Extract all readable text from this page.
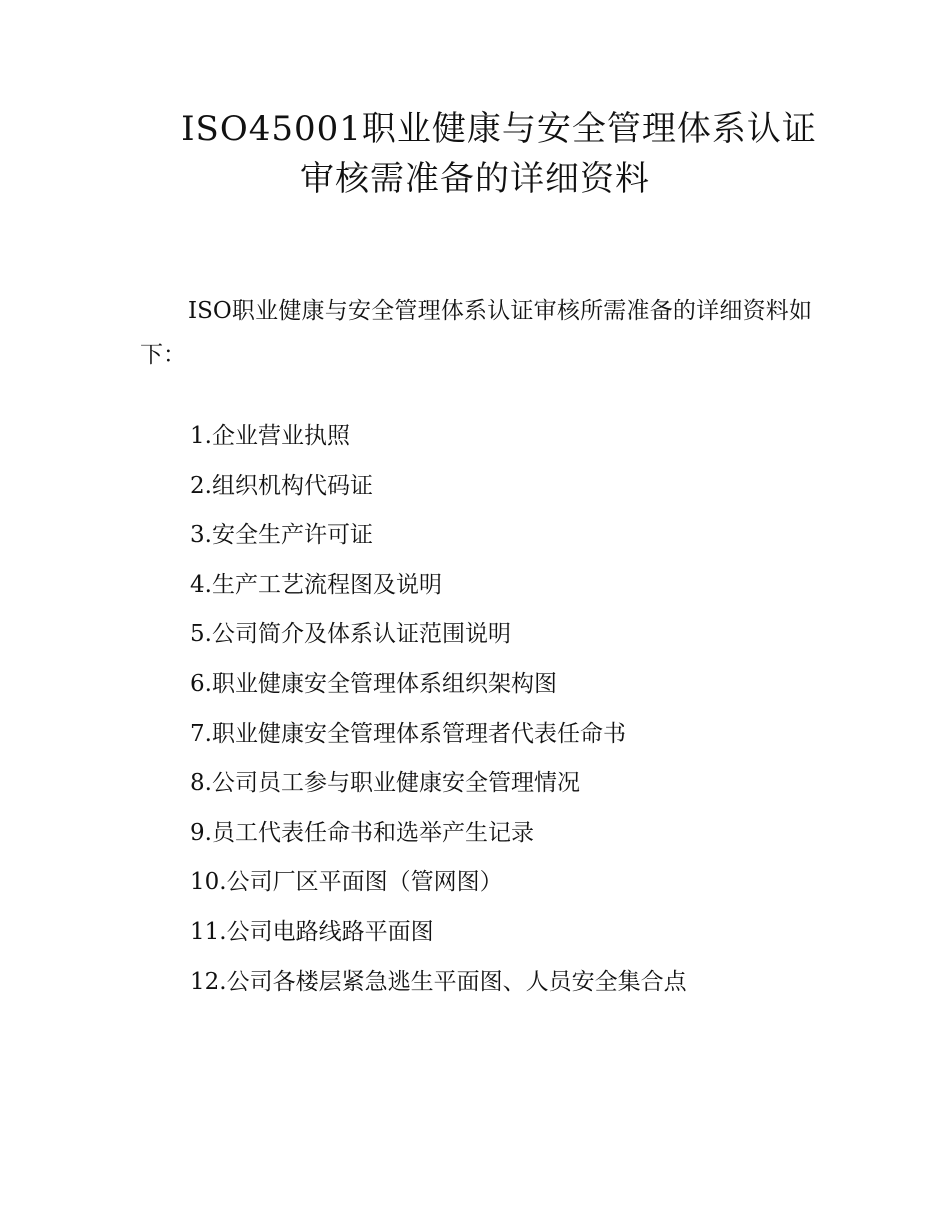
ISO45001职业健康与安全管理体系认证
审核需准备的详细资料

ISO职业健康与安全管理体系认证审核所需准备的详细资料如下：

1.企业营业执照
2.组织机构代码证
3.安全生产许可证
4.生产工艺流程图及说明
5.公司简介及体系认证范围说明
6.职业健康安全管理体系组织架构图
7.职业健康安全管理体系管理者代表任命书
8.公司员工参与职业健康安全管理情况
9.员工代表任命书和选举产生记录
10.公司厂区平面图（管网图）
11.公司电路线路平面图
12.公司各楼层紧急逃生平面图、人员安全集合点
